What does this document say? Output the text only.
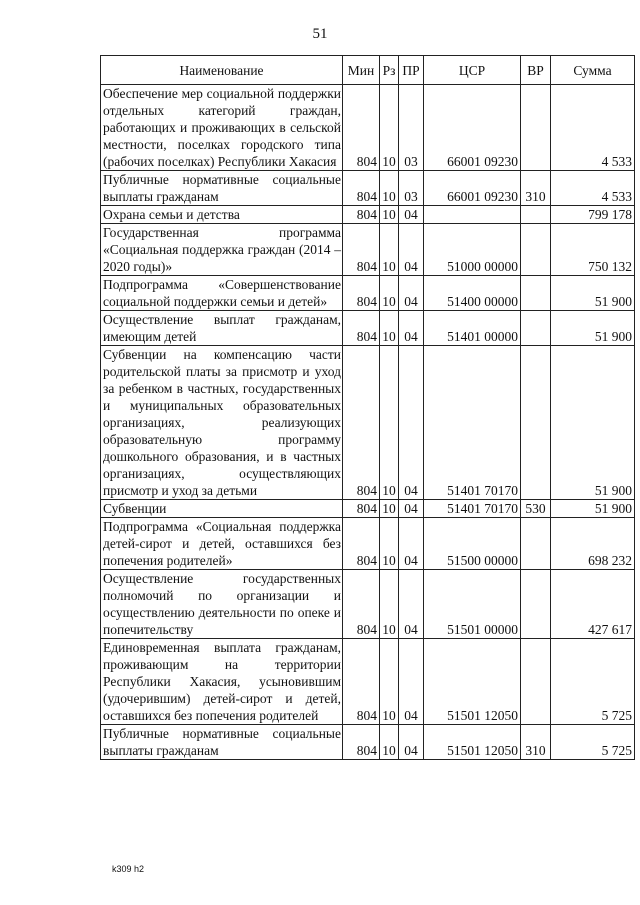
51
Наименование	Мин	Рз	ПР	ЦСР	ВР	Сумма
Обеспечение мер социальной поддержки отдельных категорий граждан, работающих и проживающих в сельской местности, поселках городского типа (рабочих поселках) Республики Хакасия	804	10	03	66001 09230		4 533
Публичные нормативные социальные выплаты гражданам	804	10	03	66001 09230	310	4 533
Охрана семьи и детства	804	10	04			799 178
Государственная программа «Социальная поддержка граждан (2014 – 2020 годы)»	804	10	04	51000 00000		750 132
Подпрограмма «Совершенствование социальной поддержки семьи и детей»	804	10	04	51400 00000		51 900
Осуществление выплат гражданам, имеющим детей	804	10	04	51401 00000		51 900
Субвенции на компенсацию части родительской платы за присмотр и уход за ребенком в частных, государственных и муниципальных образовательных организациях, реализующих образовательную программу дошкольного образования, и в частных организациях, осуществляющих присмотр и уход за детьми	804	10	04	51401 70170		51 900
Субвенции	804	10	04	51401 70170	530	51 900
Подпрограмма «Социальная поддержка детей-сирот и детей, оставшихся без попечения родителей»	804	10	04	51500 00000		698 232
Осуществление государственных полномочий по организации и осуществлению деятельности по опеке и попечительству	804	10	04	51501 00000		427 617
Единовременная выплата гражданам, проживающим на территории Республики Хакасия, усыновившим (удочерившим) детей-сирот и детей, оставшихся без попечения родителей	804	10	04	51501 12050		5 725
Публичные нормативные социальные выплаты гражданам	804	10	04	51501 12050	310	5 725
k309 h2
